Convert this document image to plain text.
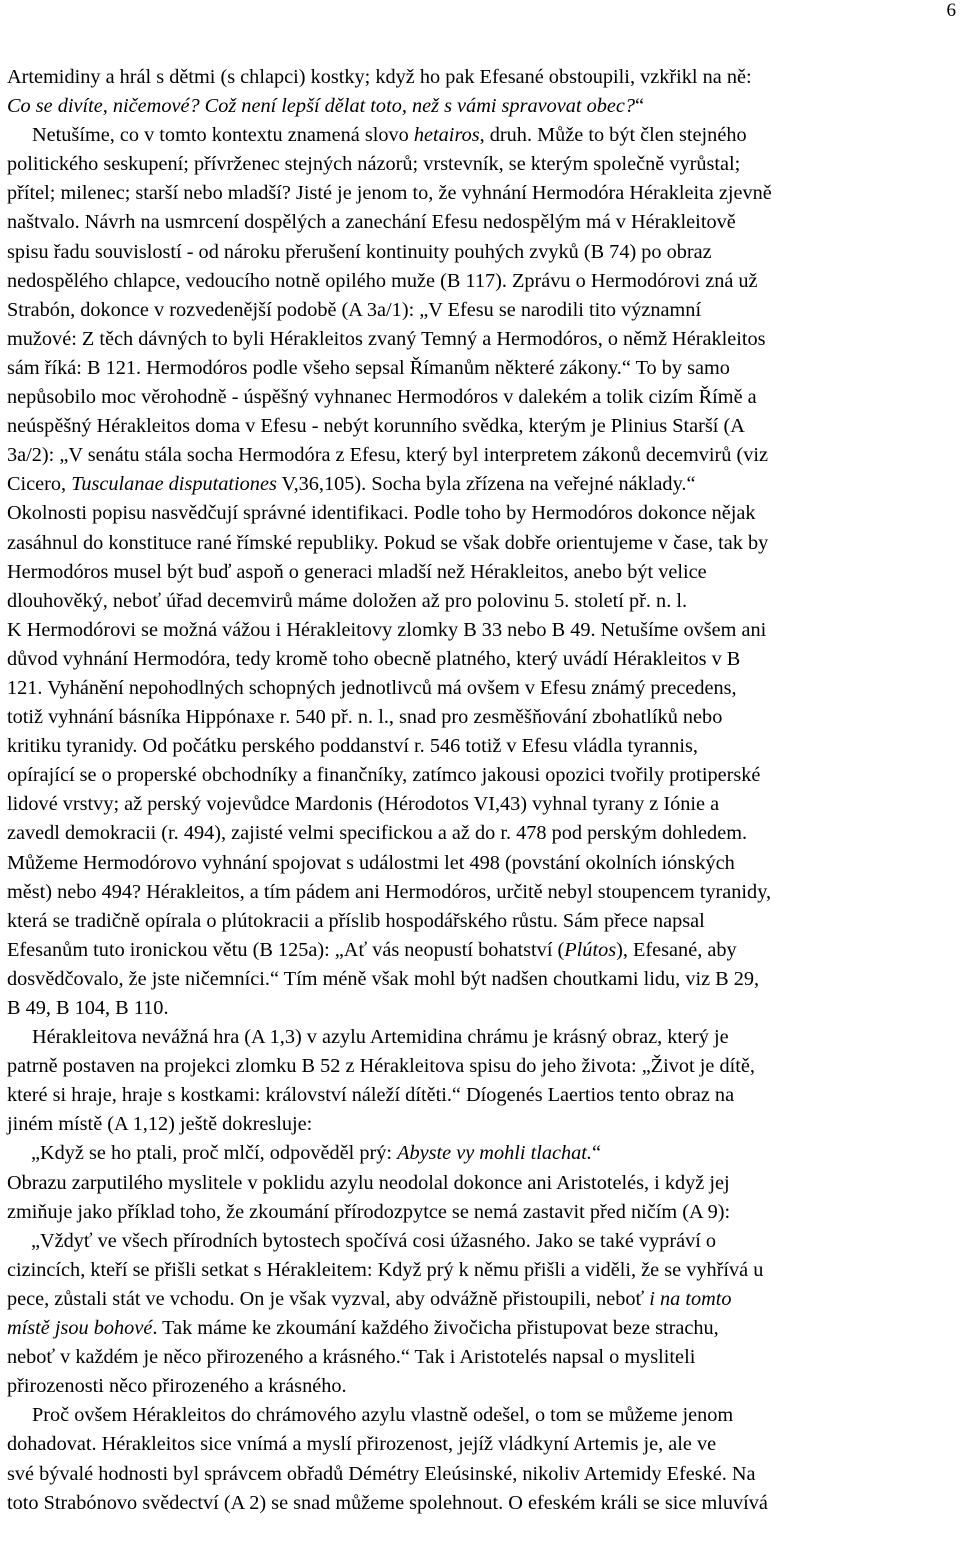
6
Artemidiny a hrál s dětmi (s chlapci) kostky; když ho pak Efesané obstoupili, vzkřikl na ně:
Co se divíte, ničemové? Což není lepší dělat toto, než s vámi spravovat obec?“
Netušíme, co v tomto kontextu znamená slovo hetairos, druh. Může to být člen stejného
politického seskupení; přívrženec stejných názorů; vrstevník, se kterým společně vyrůstal;
přítel; milenec; starší nebo mladší? Jisté je jenom to, že vyhnání Hermodóra Hérakleita zjevně
naštvalo. Návrh na usmrcení dospělých a zanechání Efesu nedospělým má v Hérakleitově
spisu řadu souvislostí - od nároku přerušení kontinuity pouhých zvyků (B 74) po obraz
nedospělého chlapce, vedoucího notně opilého muže (B 117). Zprávu o Hermodórovi zná už
Strabón, dokonce v rozvedenější podobě (A 3a/1): „V Efesu se narodili tito významní
mužové: Z těch dávných to byli Hérakleitos zvaný Temný a Hermodóros, o němž Hérakleitos
sám říká: B 121. Hermodóros podle všeho sepsal Římanům některé zákony.“ To by samo
nepůsobilo moc věrohodně - úspěšný vyhnanec Hermodóros v dalekém a tolik cizím Římě a
neúspěšný Hérakleitos doma v Efesu - nebýt korunního svědka, kterým je Plinius Starší (A
3a/2): „V senátu stála socha Hermodóra z Efesu, který byl interpretem zákonů decemvirů (viz
Cicero, Tusculanae disputationes V,36,105). Socha byla zřízena na veřejné náklady.“
Okolnosti popisu nasvědčují správné identifikaci. Podle toho by Hermodóros dokonce nějak
zasáhnul do konstituce rané římské republiky. Pokud se však dobře orientujeme v čase, tak by
Hermodóros musel být buď aspoň o generaci mladší než Hérakleitos, anebo být velice
dlouhověký, neboť úřad decemvirů máme doložen až pro polovinu 5. století př. n. l.
K Hermodórovi se možná vážou i Hérakleitovy zlomky B 33 nebo B 49. Netušíme ovšem ani
důvod vyhnání Hermodóra, tedy kromě toho obecně platného, který uvádí Hérakleitos v B
121. Vyhánění nepohodlných schopných jednotlivců má ovšem v Efesu známý precedens,
totiž vyhnání básníka Hippónaxe r. 540 př. n. l., snad pro zesměšňování zbohatlíků nebo
kritiku tyranidy. Od počátku perského poddanství r. 546 totiž v Efesu vládla tyrannis,
opírající se o properské obchodníky a finančníky, zatímco jakousi opozici tvořily protiperské
lidové vrstvy; až perský vojevůdce Mardonis (Hérodotos VI,43) vyhnal tyrany z Iónie a
zavedl demokracii (r. 494), zajisté velmi specifickou a až do r. 478 pod perským dohledem.
Můžeme Hermodórovo vyhnání spojovat s událostmi let 498 (povstání okolních iónských
měst) nebo 494? Hérakleitos, a tím pádem ani Hermodóros, určitě nebyl stoupencem tyranidy,
která se tradičně opírala o plútokracii a příslib hospodářského růstu. Sám přece napsal
Efesanům tuto ironickou větu (B 125a): „Ať vás neopustí bohatství (Plútos), Efesané, aby
dosvědčovalo, že jste ničemníci.“ Tím méně však mohl být nadšen choutkami lidu, viz B 29,
B 49, B 104, B 110.
Hérakleitova nevážná hra (A 1,3) v azylu Artemidina chrámu je krásný obraz, který je
patrně postaven na projekci zlomku B 52 z Hérakleitova spisu do jeho života: „Život je dítě,
které si hraje, hraje s kostkami: království náleží dítěti.“ Díogenés Laertios tento obraz na
jiném místě (A 1,12) ještě dokresluje:
„Když se ho ptali, proč mlčí, odpověděl prý: Abyste vy mohli tlachat.“
Obrazu zarputilého myslitele v poklidu azylu neodolal dokonce ani Aristotelés, i když jej
zmiňuje jako příklad toho, že zkoumání přírodozpytce se nemá zastavit před ničím (A 9):
„Vždyť ve všech přírodních bytostech spočívá cosi úžasného. Jako se také vypráví o
cizincích, kteří se přišli setkat s Hérakleitem: Když prý k němu přišli a viděli, že se vyhřívá u
pece, zůstali stát ve vchodu. On je však vyzval, aby odvážně přistoupili, neboť i na tomto
místě jsou bohové. Tak máme ke zkoumání každého živočicha přistupovat beze strachu,
neboť v každém je něco přirozeného a krásného.“ Tak i Aristotelés napsal o mysliteli
přirozenosti něco přirozeného a krásného.
Proč ovšem Hérakleitos do chrámového azylu vlastně odešel, o tom se můžeme jenom
dohadovat. Hérakleitos sice vnímá a myslí přirozenost, jejíž vládkyní Artemis je, ale ve
své bývalé hodnosti byl správcem obřadů Démétry Eleúsinské, nikoliv Artemidy Efeské. Na
toto Strabónovo svědectví (A 2) se snad můžeme spolehnout. O efeském králi se sice mluvívá
